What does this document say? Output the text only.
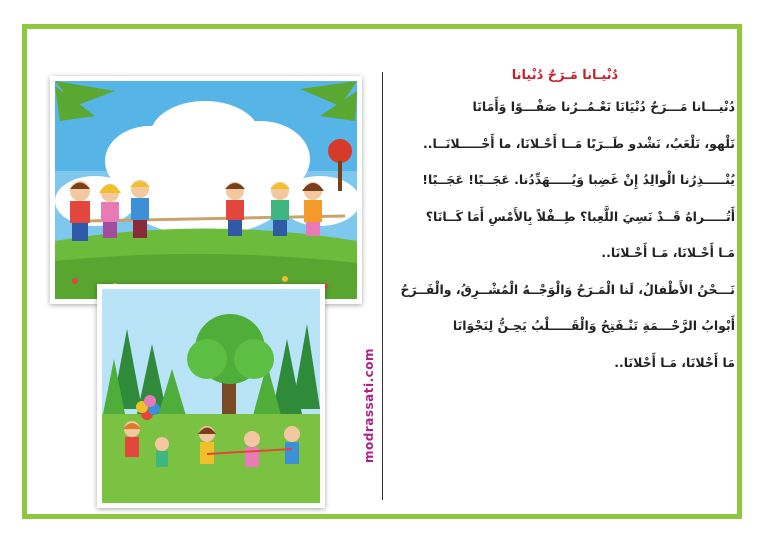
modrassati.com
دُنْيـانا مَـرَحٌ دُنْيانا
دُنْيـــانا مَـــرَحٌ دُنْيَانَا نَعْـمُــرُنا صَفْـــوًا وَأَمَانَا
نَلْهو، نَلْعَبُ، نَشْدو طَــرَبًا مَــا أَحْـلانَا، ما أَحْـــــلانَــا..
يُنْـــــذِرُنا الْوالِدُ إِنْ غَضِبا وَيُـــــهَدِّدُنا. عَجَــبًا! عَجَــبًا!
أَتُـــــراهُ قَــدْ نَسِيَ اللَّعِبا؟ طِــفْلاً بِالأَمْسِ أَمَا كَــانَا؟
مَـا أَحْـلانَا، مَـا أَحْـلانَا..
نَـــحْنُ الأَطْفالُ، لَنا الْمَـرَحُ وَالْوَجْــهُ الْمُشْــرِقُ، والْفَــرَحُ
أَبْوابُ الرَّحْـــمَةِ تَنْـفَتِحُ وَالْقَـــــلْبُ يَحِـنُّ لِنَجْوَانَا
مَا أَحْلانَا، مَـا أَحْلانَا..
